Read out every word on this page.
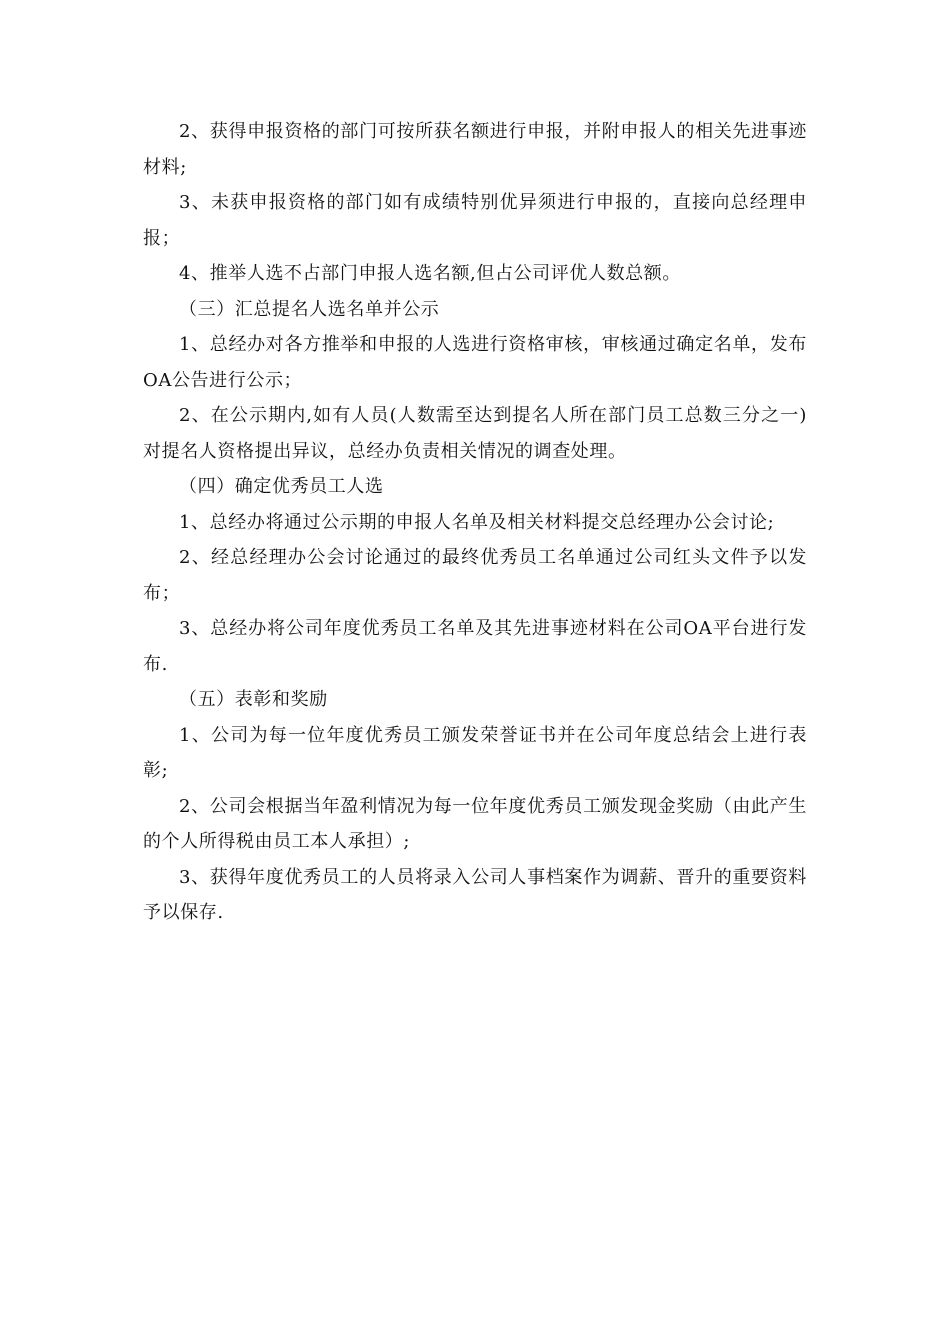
2、获得申报资格的部门可按所获名额进行申报，并附申报人的相关先进事迹材料;

3、未获申报资格的部门如有成绩特别优异须进行申报的，直接向总经理申报；

4、推举人选不占部门申报人选名额,但占公司评优人数总额。

（三）汇总提名人选名单并公示

1、总经办对各方推举和申报的人选进行资格审核，审核通过确定名单，发布OA公告进行公示；

2、在公示期内,如有人员(人数需至达到提名人所在部门员工总数三分之一)对提名人资格提出异议，总经办负责相关情况的调查处理。

（四）确定优秀员工人选

1、总经办将通过公示期的申报人名单及相关材料提交总经理办公会讨论;

2、经总经理办公会讨论通过的最终优秀员工名单通过公司红头文件予以发布；

3、总经办将公司年度优秀员工名单及其先进事迹材料在公司OA平台进行发布.

（五）表彰和奖励

1、公司为每一位年度优秀员工颁发荣誉证书并在公司年度总结会上进行表彰;

2、公司会根据当年盈利情况为每一位年度优秀员工颁发现金奖励（由此产生的个人所得税由员工本人承担）;

3、获得年度优秀员工的人员将录入公司人事档案作为调薪、晋升的重要资料予以保存.
